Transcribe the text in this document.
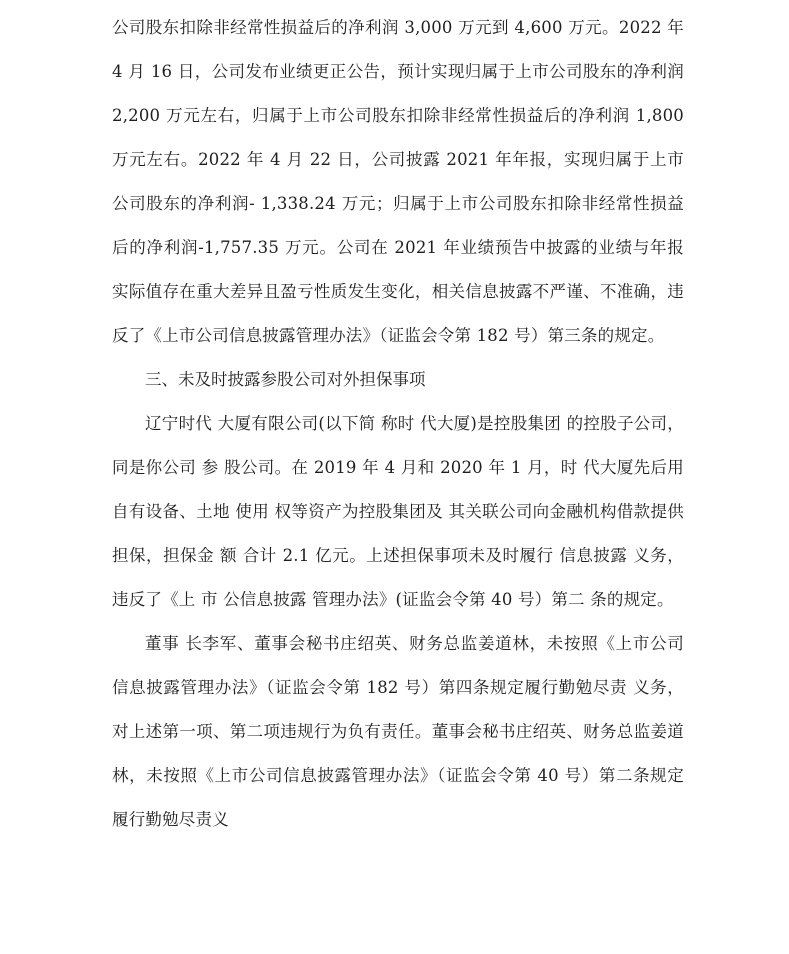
公司股东扣除非经常性损益后的净利润 3,000 万元到 4,600 万元。2022 年 4 月 16 日，公司发布业绩更正公告，预计实现归属于上市公司股东的净利润 2,200 万元左右，归属于上市公司股东扣除非经常性损益后的净利润 1,800 万元左右。2022 年 4 月 22 日，公司披露 2021 年年报，实现归属于上市公司股东的净利润- 1,338.24 万元；归属于上市公司股东扣除非经常性损益后的净利润-1,757.35 万元。公司在 2021 年业绩预告中披露的业绩与年报实际值存在重大差异且盈亏性质发生变化，相关信息披露不严谨、不准确，违反了《上市公司信息披露管理办法》（证监会令第 182 号）第三条的规定。

三、未及时披露参股公司对外担保事项

辽宁时代 大厦有限公司(以下简 称时 代大厦)是控股集团 的控股子公司，同是你公司 参 股公司。在 2019 年 4 月和 2020 年 1 月，时 代大厦先后用自有设备、土地 使用 权等资产为控股集团及 其关联公司向金融机构借款提供担保，担保金 额 合计 2.1 亿元。上述担保事项未及时履行 信息披露 义务，违反了《上 市 公信息披露 管理办法》(证监会令第 40 号）第二 条的规定。

董事 长李军、董事会秘书庄绍英、财务总监姜道林，未按照《上市公司信息披露管理办法》（证监会令第 182 号）第四条规定履行勤勉尽责 义务，对上述第一项、第二项违规行为负有责任。董事会秘书庄绍英、财务总监姜道林，未按照《上市公司信息披露管理办法》（证监会令第 40 号）第二条规定履行勤勉尽责义
